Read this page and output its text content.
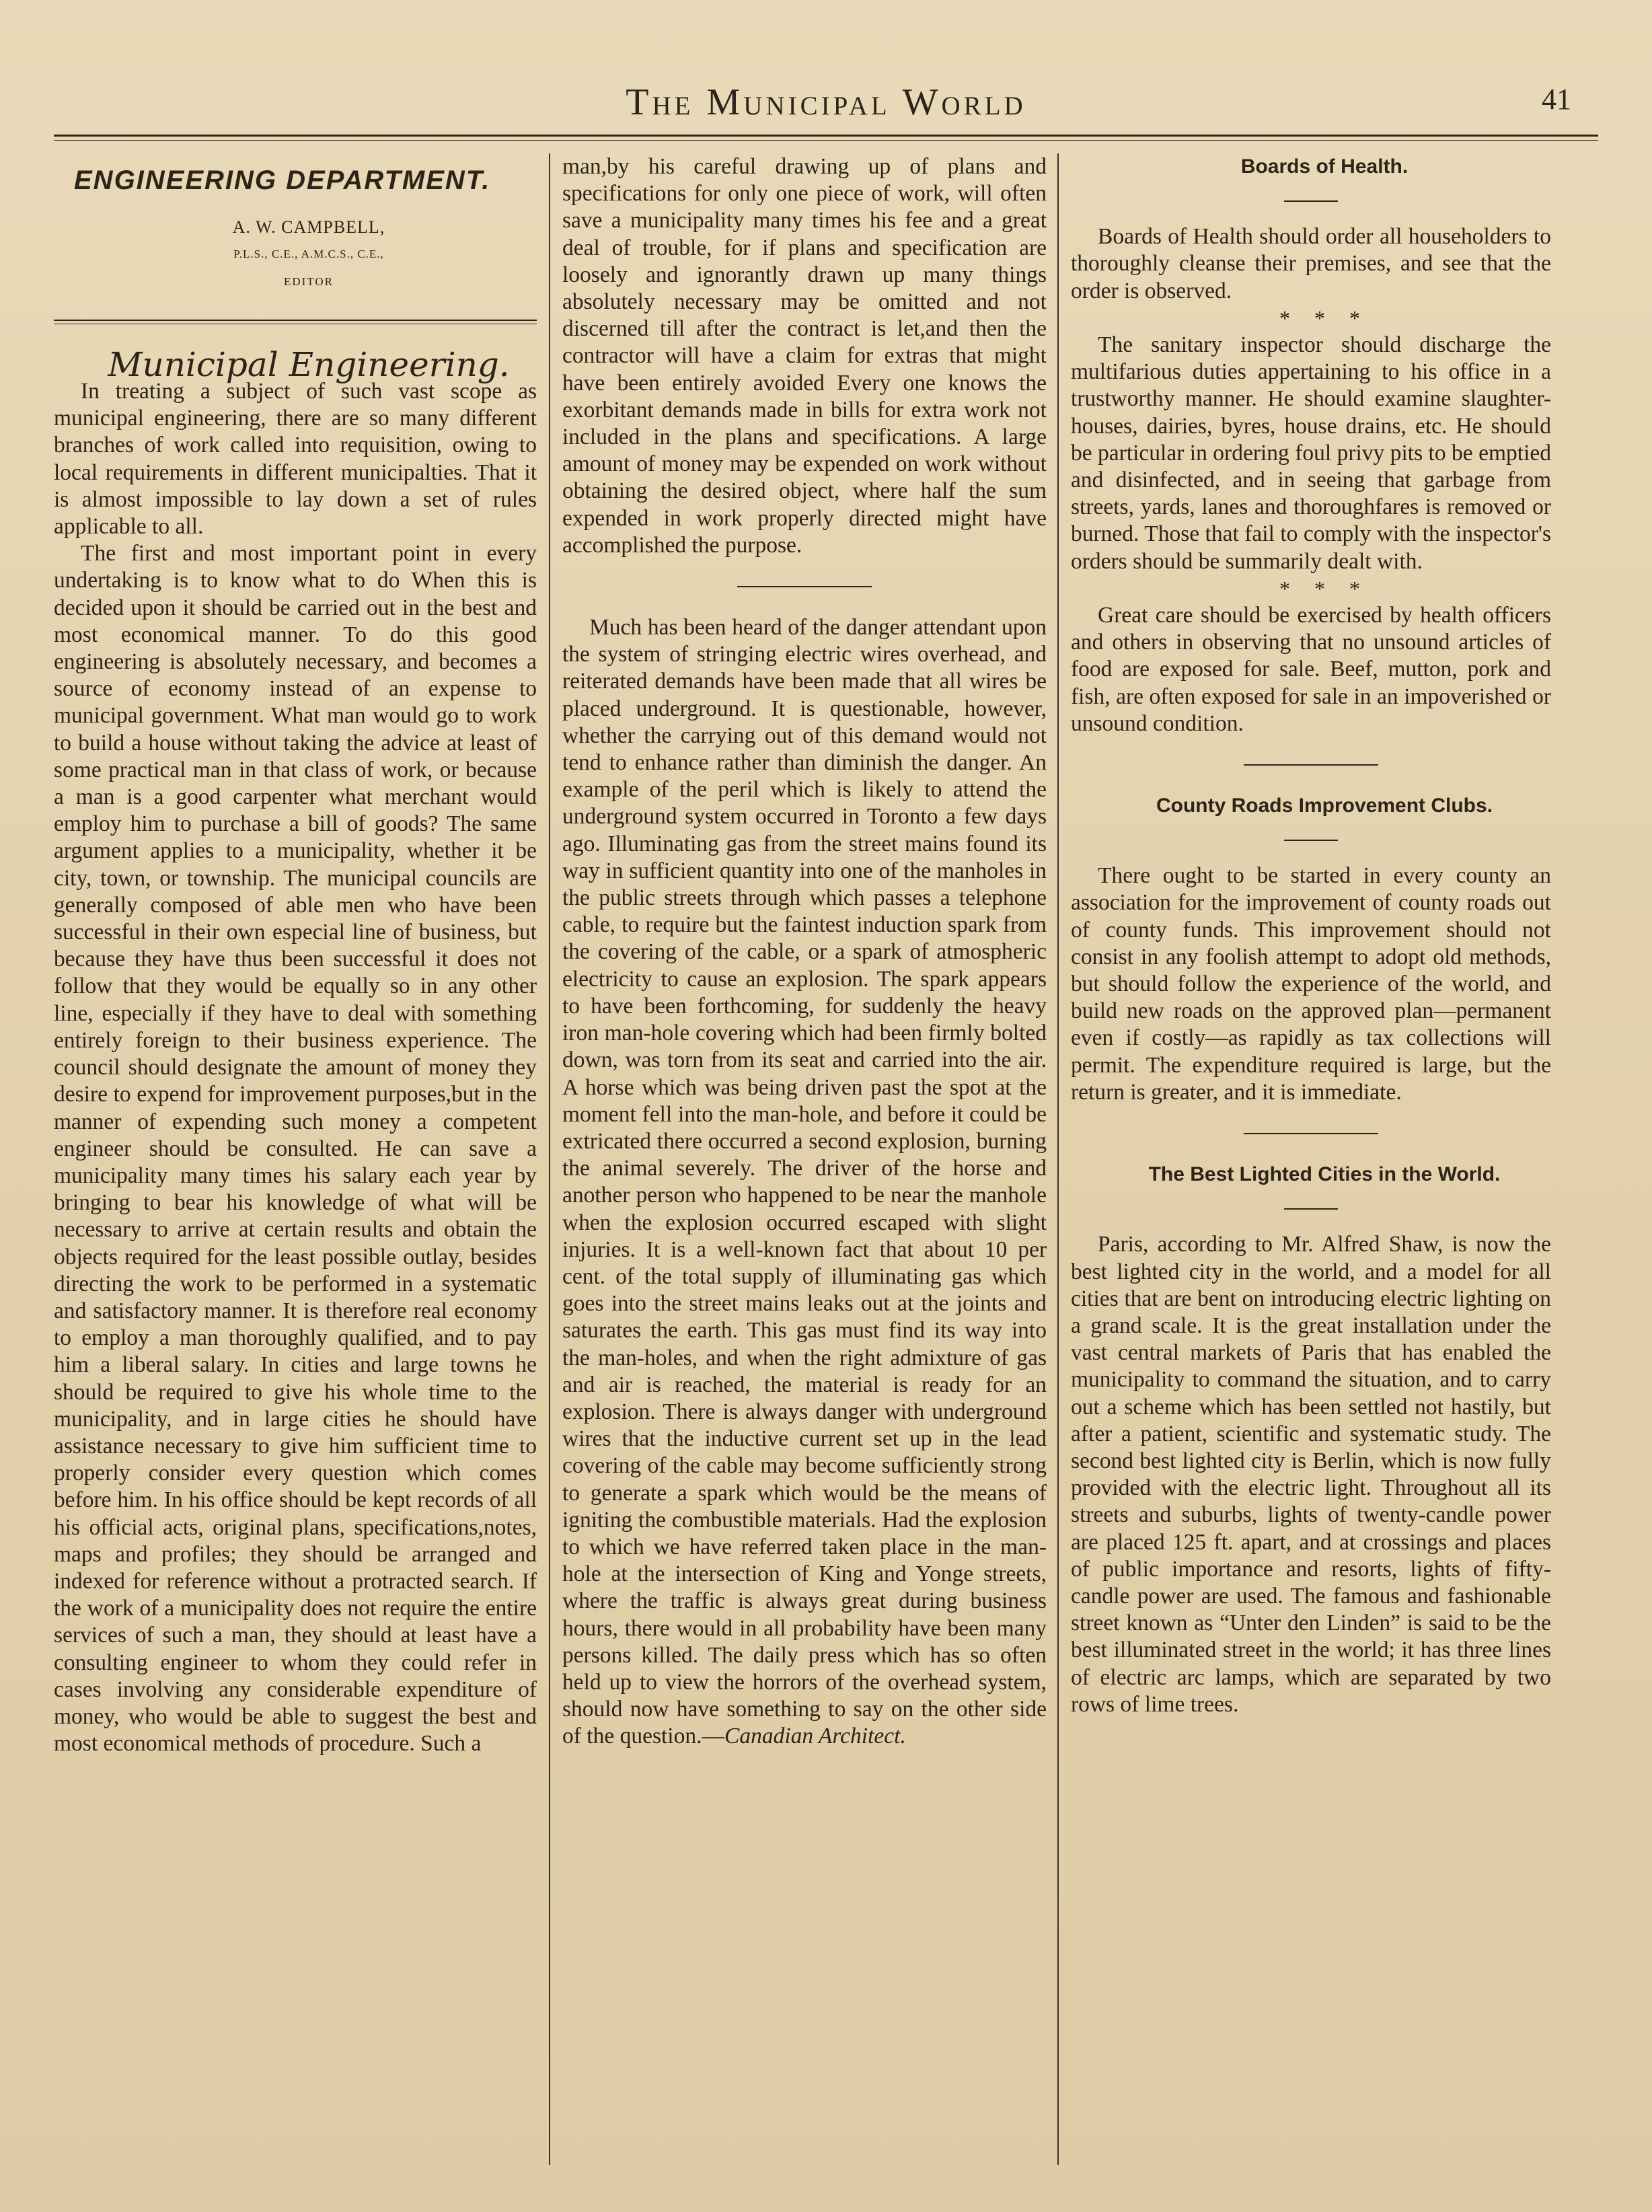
The Municipal World	41
ENGINEERING DEPARTMENT.

A. W. CAMPBELL,

P.L.S., C.E., A.M.C.S., C.E.,

EDITOR

Municipal Engineering.

In treating a subject of such vast scope as municipal engineering, there are so many different branches of work called into requisition, owing to local requirements in different municipalties. That it is almost impossible to lay down a set of rules applicable to all.

The first and most important point in every undertaking is to know what to do When this is decided upon it should be carried out in the best and most economical manner. To do this good engineering is absolutely necessary, and becomes a source of economy instead of an expense to municipal government. What man would go to work to build a house without taking the advice at least of some practical man in that class of work, or because a man is a good carpenter what merchant would employ him to purchase a bill of goods? The same argument applies to a municipality, whether it be city, town, or township. The municipal councils are generally composed of able men who have been successful in their own especial line of business, but because they have thus been successful it does not follow that they would be equally so in any other line, especially if they have to deal with something entirely foreign to their business experience. The council should designate the amount of money they desire to expend for improvement purposes,but in the manner of expending such money a competent engineer should be consulted. He can save a municipality many times his salary each year by bringing to bear his knowledge of what will be necessary to arrive at certain results and obtain the objects required for the least possible outlay, besides directing the work to be performed in a systematic and satisfactory manner. It is therefore real economy to employ a man thoroughly qualified, and to pay him a liberal salary. In cities and large towns he should be required to give his whole time to the municipality, and in large cities he should have assistance necessary to give him sufficient time to properly consider every question which comes before him. In his office should be kept records of all his official acts, original plans, specifications,notes, maps and profiles; they should be arranged and indexed for reference without a protracted search. If the work of a municipality does not require the entire services of such a man, they should at least have a consulting engineer to whom they could refer in cases involving any considerable expenditure of money, who would be able to suggest the best and most economical methods of procedure. Such a

man,by his careful drawing up of plans and specifications for only one piece of work, will often save a municipality many times his fee and a great deal of trouble, for if plans and specification are loosely and ignorantly drawn up many things absolutely necessary may be omitted and not discerned till after the contract is let,and then the contractor will have a claim for extras that might have been entirely avoided Every one knows the exorbitant demands made in bills for extra work not included in the plans and specifications. A large amount of money may be expended on work without obtaining the desired object, where half the sum expended in work properly directed might have accomplished the purpose.

Much has been heard of the danger attendant upon the system of stringing electric wires overhead, and reiterated demands have been made that all wires be placed underground. It is questionable, however, whether the carrying out of this demand would not tend to enhance rather than diminish the danger. An example of the peril which is likely to attend the underground system occurred in Toronto a few days ago. Illuminating gas from the street mains found its way in sufficient quantity into one of the manholes in the public streets through which passes a telephone cable, to require but the faintest induction spark from the covering of the cable, or a spark of atmospheric electricity to cause an explosion. The spark appears to have been forthcoming, for suddenly the heavy iron man-hole covering which had been firmly bolted down, was torn from its seat and carried into the air. A horse which was being driven past the spot at the moment fell into the man-hole, and before it could be extricated there occurred a second explosion, burning the animal severely. The driver of the horse and another person who happened to be near the manhole when the explosion occurred escaped with slight injuries. It is a well-known fact that about 10 per cent. of the total supply of illuminating gas which goes into the street mains leaks out at the joints and saturates the earth. This gas must find its way into the man-holes, and when the right admixture of gas and air is reached, the material is ready for an explosion. There is always danger with underground wires that the inductive current set up in the lead covering of the cable may become sufficiently strong to generate a spark which would be the means of igniting the combustible materials. Had the explosion to which we have referred taken place in the man-hole at the intersection of King and Yonge streets, where the traffic is always great during business hours, there would in all probability have been many persons killed. The daily press which has so often held up to view the horrors of the overhead system, should now have something to say on the other side of the question.—Canadian Architect.

Boards of Health.

Boards of Health should order all householders to thoroughly cleanse their premises, and see that the order is observed.

* * *

The sanitary inspector should discharge the multifarious duties appertaining to his office in a trustworthy manner. He should examine slaughter-houses, dairies, byres, house drains, etc. He should be particular in ordering foul privy pits to be emptied and disinfected, and in seeing that garbage from streets, yards, lanes and thoroughfares is removed or burned. Those that fail to comply with the inspector's orders should be summarily dealt with.

* * *

Great care should be exercised by health officers and others in observing that no unsound articles of food are exposed for sale. Beef, mutton, pork and fish, are often exposed for sale in an impoverished or unsound condition.

County Roads Improvement Clubs.

There ought to be started in every county an association for the improvement of county roads out of county funds. This improvement should not consist in any foolish attempt to adopt old methods, but should follow the experience of the world, and build new roads on the approved plan—permanent even if costly—as rapidly as tax collections will permit. The expenditure required is large, but the return is greater, and it is immediate.

The Best Lighted Cities in the World.

Paris, according to Mr. Alfred Shaw, is now the best lighted city in the world, and a model for all cities that are bent on introducing electric lighting on a grand scale. It is the great installation under the vast central markets of Paris that has enabled the municipality to command the situation, and to carry out a scheme which has been settled not hastily, but after a patient, scientific and systematic study. The second best lighted city is Berlin, which is now fully provided with the electric light. Throughout all its streets and suburbs, lights of twenty-candle power are placed 125 ft. apart, and at crossings and places of public importance and resorts, lights of fifty-candle power are used. The famous and fashionable street known as “Unter den Linden” is said to be the best illuminated street in the world; it has three lines of electric arc lamps, which are separated by two rows of lime trees.
